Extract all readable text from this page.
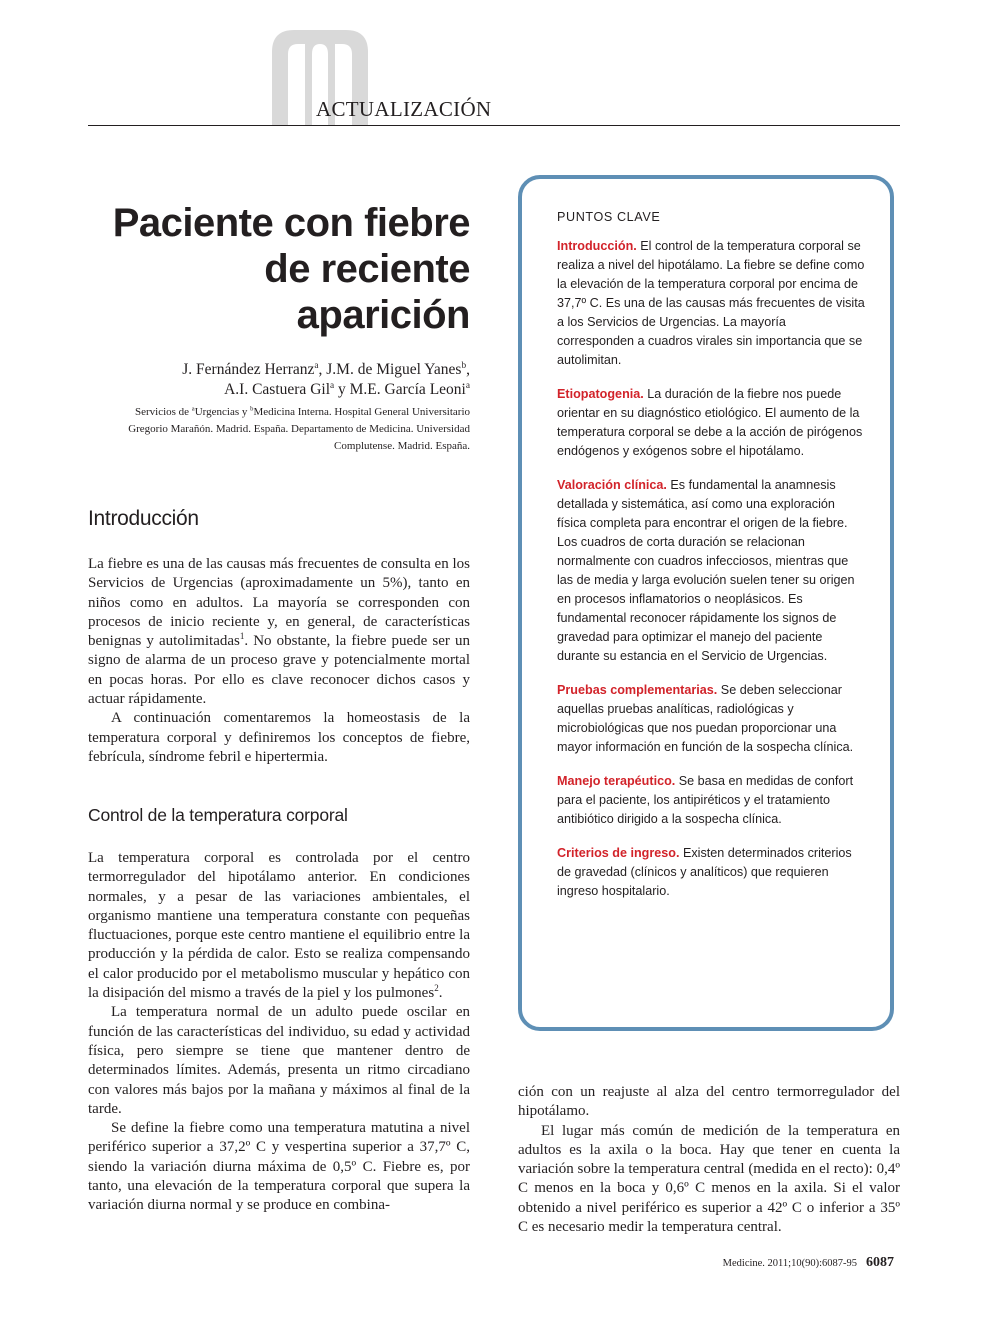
ACTUALIZACIÓN
Paciente con fiebre
de reciente
aparición
J. Fernández Herranz$^a$, J.M. de Miguel Yanes$^b$,
A.I. Castuera Gil$^a$ y M.E. García Leoni$^a$
Servicios de $^a$Urgencias y $^b$Medicina Interna. Hospital General Universitario
Gregorio Marañón. Madrid. España. Departamento de Medicina. Universidad
Complutense. Madrid. España.
Introducción

La fiebre es una de las causas más frecuentes de consulta en los Servicios de Urgencias (aproximadamente un 5%), tanto en niños como en adultos. La mayoría se corresponden con procesos de inicio reciente y, en general, de características benignas y autolimitadas$^1$. No obstante, la fiebre puede ser un signo de alarma de un proceso grave y potencialmente mortal en pocas horas. Por ello es clave reconocer dichos casos y actuar rápidamente.

A continuación comentaremos la homeostasis de la temperatura corporal y definiremos los conceptos de fiebre, febrícula, síndrome febril e hipertermia.

Control de la temperatura corporal

La temperatura corporal es controlada por el centro termorregulador del hipotálamo anterior. En condiciones normales, y a pesar de las variaciones ambientales, el organismo mantiene una temperatura constante con pequeñas fluctuaciones, porque este centro mantiene el equilibrio entre la producción y la pérdida de calor. Esto se realiza compensando el calor producido por el metabolismo muscular y hepático con la disipación del mismo a través de la piel y los pulmones$^2$.

La temperatura normal de un adulto puede oscilar en función de las características del individuo, su edad y actividad física, pero siempre se tiene que mantener dentro de determinados límites. Además, presenta un ritmo circadiano con valores más bajos por la mañana y máximos al final de la tarde.

Se define la fiebre como una temperatura matutina a nivel periférico superior a 37,2º C y vespertina superior a 37,7º C, siendo la variación diurna máxima de 0,5º C. Fiebre es, por tanto, una elevación de la temperatura corporal que supera la variación diurna normal y se produce en combina-

ción con un reajuste al alza del centro termorregulador del hipotálamo.

El lugar más común de medición de la temperatura en adultos es la axila o la boca. Hay que tener en cuenta la variación sobre la temperatura central (medida en el recto): 0,4º C menos en la boca y 0,6º C menos en la axila. Si el valor obtenido a nivel periférico es superior a 42º C o inferior a 35º C es necesario medir la temperatura central.

PUNTOS CLAVE

Introducción. El control de la temperatura corporal se realiza a nivel del hipotálamo. La fiebre se define como la elevación de la temperatura corporal por encima de 37,7º C. Es una de las causas más frecuentes de visita a los Servicios de Urgencias. La mayoría corresponden a cuadros virales sin importancia que se autolimitan.

Etiopatogenia. La duración de la fiebre nos puede orientar en su diagnóstico etiológico. El aumento de la temperatura corporal se debe a la acción de pirógenos endógenos y exógenos sobre el hipotálamo.

Valoración clínica. Es fundamental la anamnesis detallada y sistemática, así como una exploración física completa para encontrar el origen de la fiebre. Los cuadros de corta duración se relacionan normalmente con cuadros infecciosos, mientras que las de media y larga evolución suelen tener su origen en procesos inflamatorios o neoplásicos. Es fundamental reconocer rápidamente los signos de gravedad para optimizar el manejo del paciente durante su estancia en el Servicio de Urgencias.

Pruebas complementarias. Se deben seleccionar aquellas pruebas analíticas, radiológicas y microbiológicas que nos puedan proporcionar una mayor información en función de la sospecha clínica.

Manejo terapéutico. Se basa en medidas de confort para el paciente, los antipiréticos y el tratamiento antibiótico dirigido a la sospecha clínica.

Criterios de ingreso. Existen determinados criterios de gravedad (clínicos y analíticos) que requieren ingreso hospitalario.

Medicine. 2011;10(90):6087-95 6087
